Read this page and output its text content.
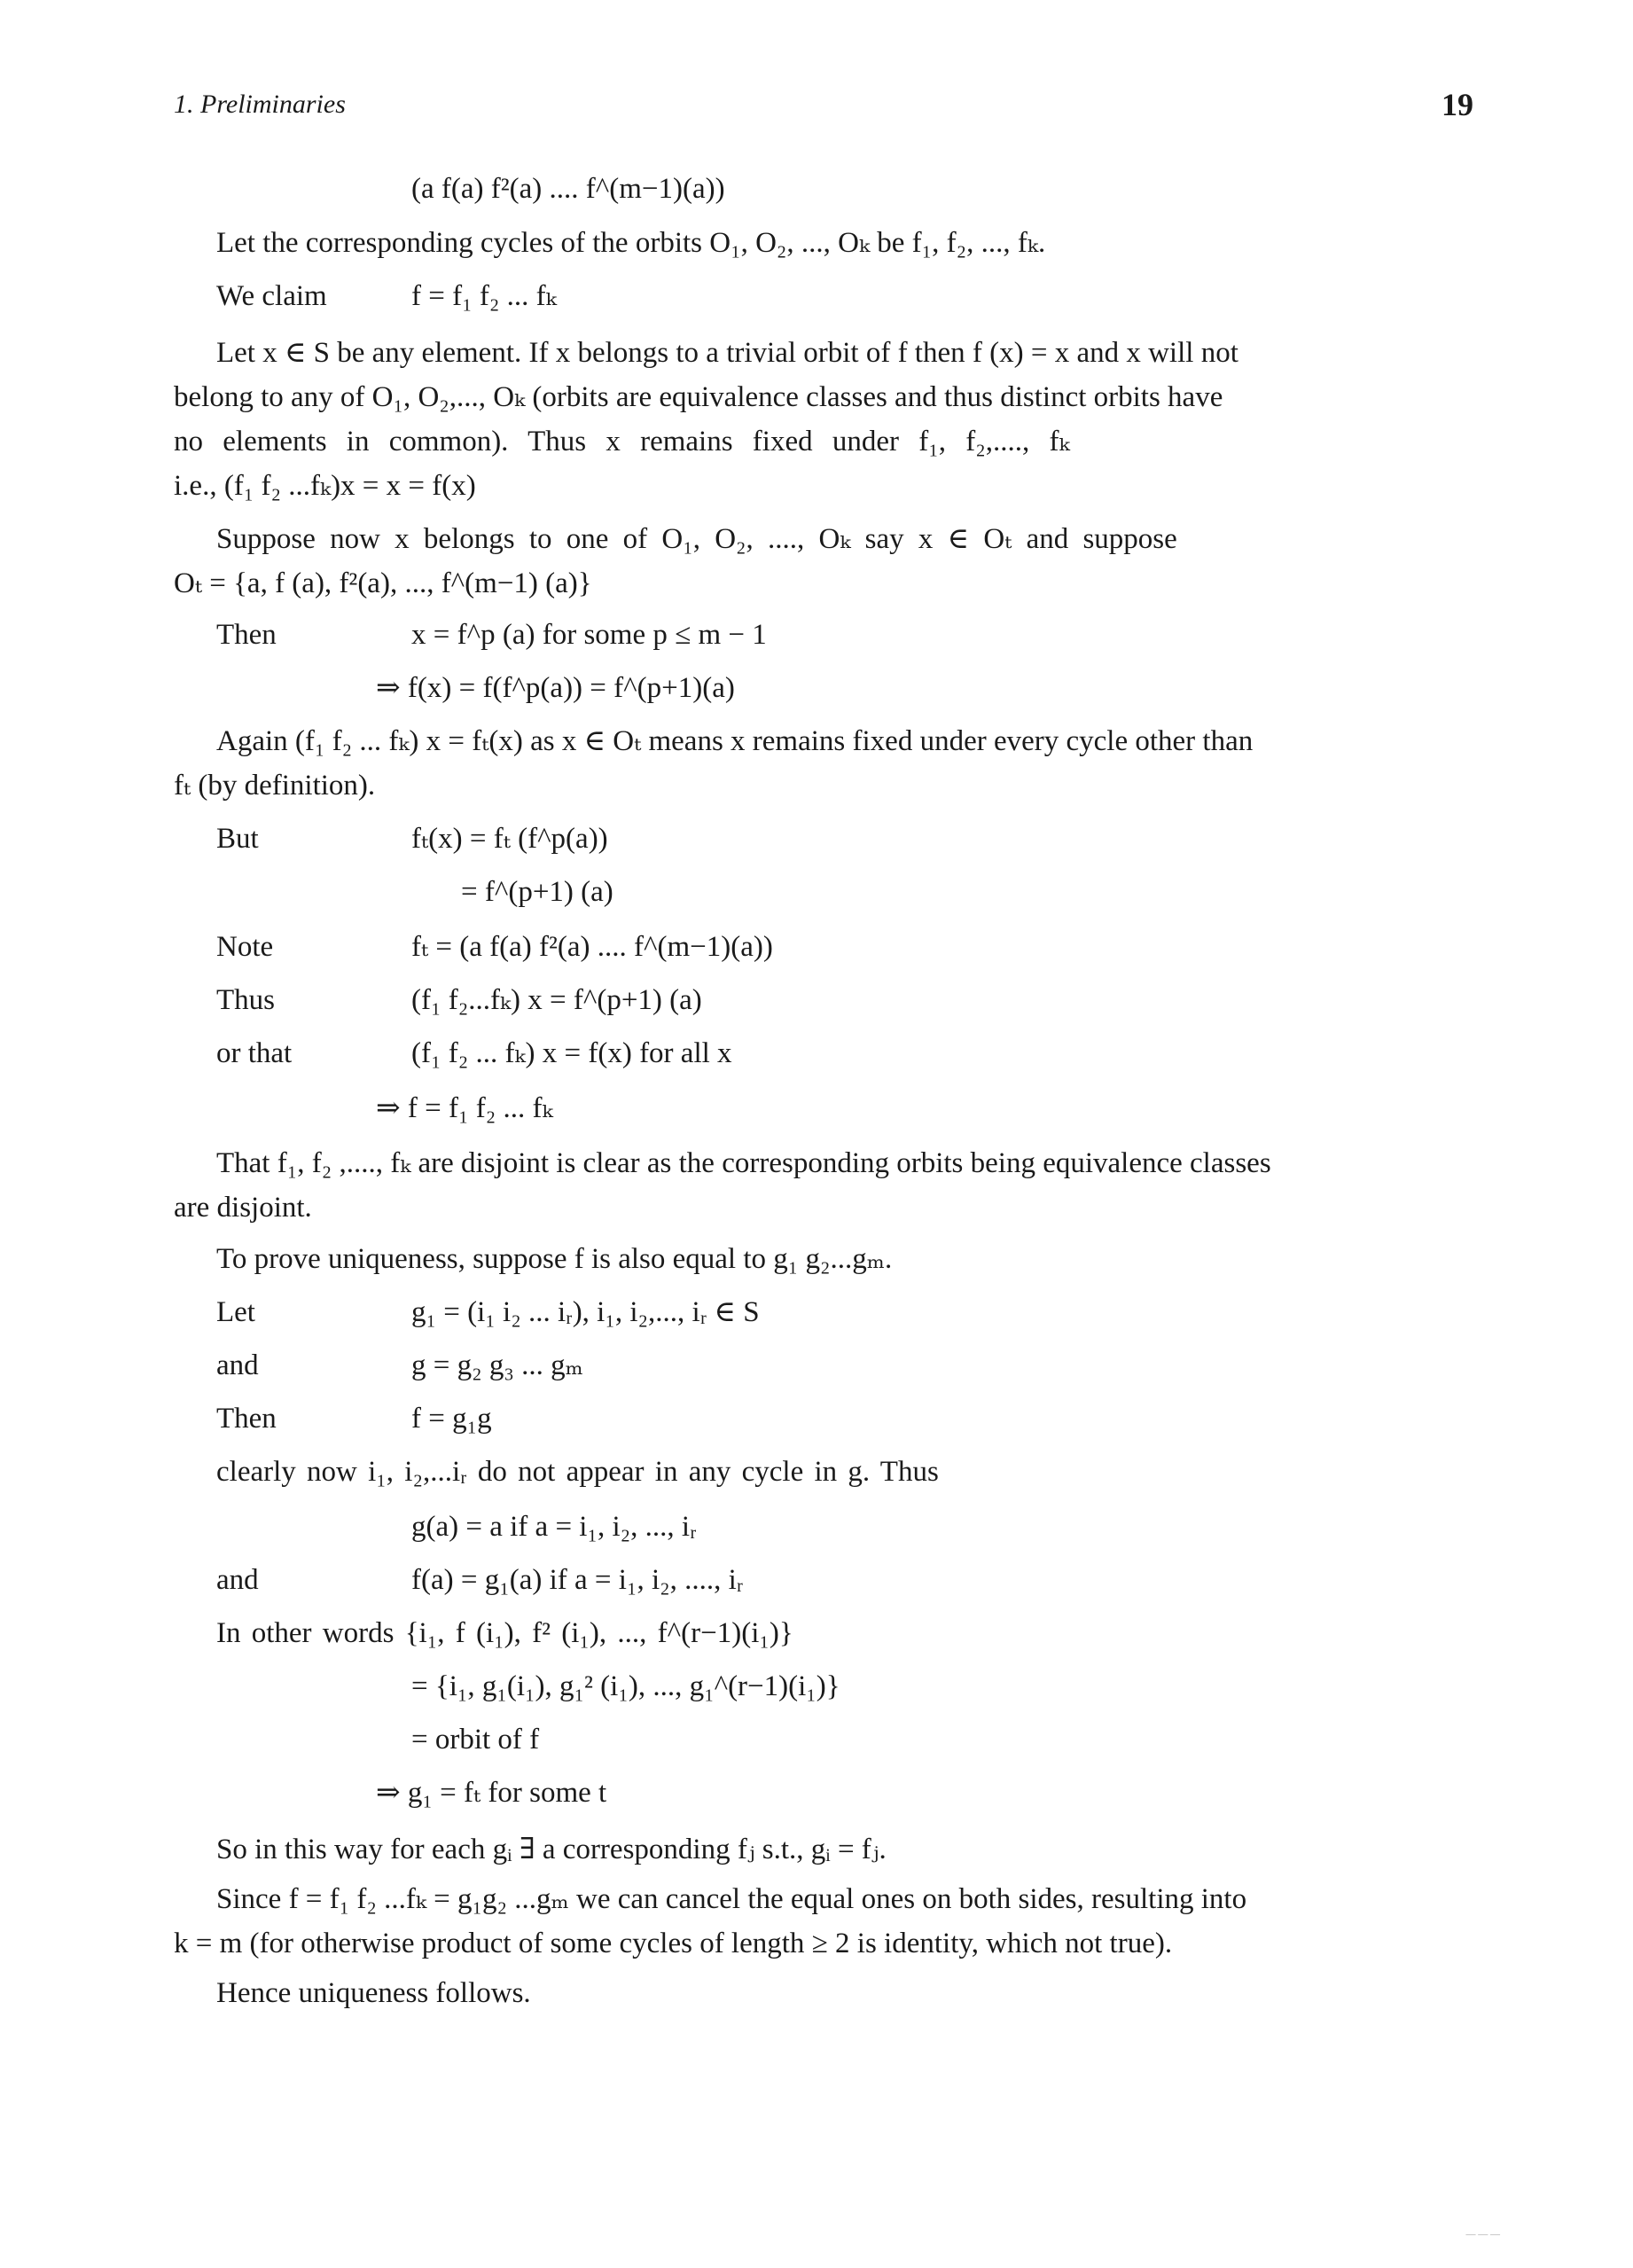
1. Preliminaries	19
(a f(a) f²(a) .... f^(m−1)(a))
Let the corresponding cycles of the orbits O₁, O₂, ..., Oₖ be f₁, f₂, ..., fₖ.
We claim	f = f₁ f₂ ... fₖ
Let x ∈ S be any element. If x belongs to a trivial orbit of f then f (x) = x and x will not
belong to any of O₁, O₂,..., Oₖ (orbits are equivalence classes and thus distinct orbits have
no elements in common). Thus x remains fixed under f₁, f₂,...., fₖ
i.e., (f₁ f₂ ...fₖ)x = x = f(x)
Suppose now x belongs to one of O₁, O₂, ...., Oₖ say x ∈ Oₜ and suppose
Oₜ = {a, f (a), f²(a), ..., f^(m−1) (a)}
Then	x = f^p (a) for some p ≤ m − 1
⇒ f(x) = f(f^p(a)) = f^(p+1)(a)
Again (f₁ f₂ ... fₖ) x = fₜ(x) as x ∈ Oₜ means x remains fixed under every cycle other than
fₜ (by definition).
But	fₜ(x) = fₜ (f^p(a))
= f^(p+1) (a)
Note	fₜ = (a f(a) f²(a) .... f^(m−1)(a))
Thus	(f₁ f₂...fₖ) x = f^(p+1) (a)
or that	(f₁ f₂ ... fₖ) x = f(x) for all x
⇒ f = f₁ f₂ ... fₖ
That f₁, f₂ ,...., fₖ are disjoint is clear as the corresponding orbits being equivalence classes
are disjoint.
To prove uniqueness, suppose f is also equal to g₁ g₂...gₘ.
Let	g₁ = (i₁ i₂ ... iᵣ), i₁, i₂,..., iᵣ ∈ S
and	g = g₂ g₃ ... gₘ
Then	f = g₁g
clearly now i₁, i₂,...iᵣ do not appear in any cycle in g. Thus
g(a) = a if a = i₁, i₂, ..., iᵣ
and	f(a) = g₁(a) if a = i₁, i₂, ...., iᵣ
In other words {i₁, f (i₁), f² (i₁), ..., f^(r−1)(i₁)}
= {i₁, g₁(i₁), g₁² (i₁), ..., g₁^(r−1)(i₁)}
= orbit of f
⇒ g₁ = fₜ for some t
So in this way for each gᵢ ∃ a corresponding fⱼ s.t., gᵢ = fⱼ.
Since f = f₁ f₂ ...fₖ = g₁g₂ ...gₘ we can cancel the equal ones on both sides, resulting into
k = m (for otherwise product of some cycles of length ≥ 2 is identity, which not true).
Hence uniqueness follows.
— — —
